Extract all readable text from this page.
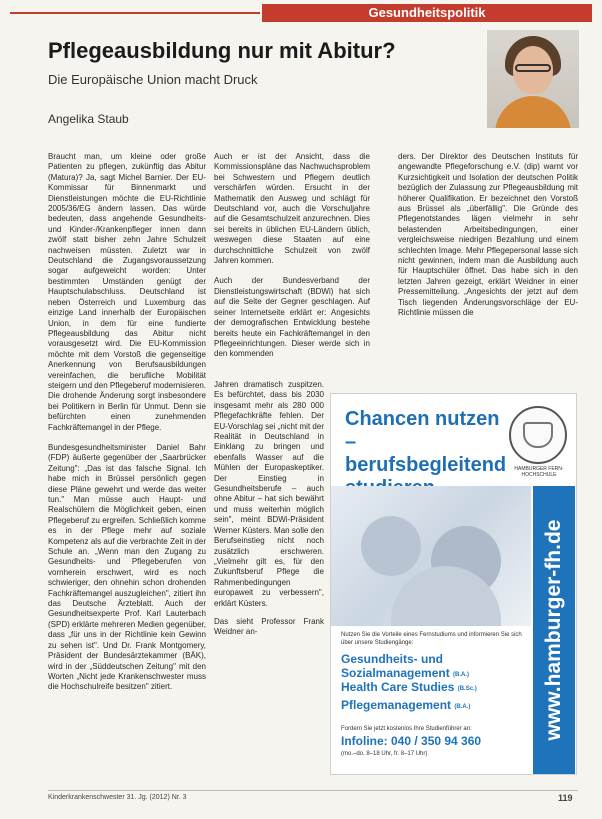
Gesundheitspolitik
Pflegeausbildung nur mit Abitur?
Die Europäische Union macht Druck
Angelika Staub

Braucht man, um kleine oder große Patienten zu pflegen, zukünftig das Abitur (Matura)? Ja, sagt Michel Barnier. Der EU-Kommissar für Binnenmarkt und Dienstleistungen möchte die EU-Richtlinie 2005/36/EG ändern lassen. Das würde bedeuten, dass angehende Gesundheits- und Kinder-/Krankenpfleger innen dann zwölf statt bisher zehn Jahre Schulzeit nachweisen müssten. Zuletzt war in Deutschland die Zugangsvoraussetzung sogar aufgeweicht worden: Unter bestimmten Umständen genügt der Hauptschulabschluss. Deutschland ist neben Österreich und Luxemburg das einzige Land innerhalb der Europäischen Union, in dem für eine fundierte Pflegeausbildung das Abitur nicht vorausgesetzt wird. Die EU-Kommission möchte mit dem Vorstoß die gegenseitige Anerkennung von Berufsausbildungen vereinfachen, die berufliche Mobilität steigern und den Pflegeberuf modernisieren. Die drohende Änderung sorgt insbesondere bei Politikern in Berlin für Unmut. Denn sie befürchten einen zunehmenden Fachkräftemangel in der Pflege.

Bundesgesundheitsminister Daniel Bahr (FDP) äußerte gegenüber der „Saarbrücker Zeitung": „Das ist das falsche Signal. Ich habe mich in Brüssel persönlich gegen diese Pläne gewehrt und werde das weiter tun." Man müsse auch Haupt- und Realschülern die Möglichkeit geben, einen Pflegeberuf zu ergreifen. Schließlich komme es in der Pflege mehr auf soziale Kompetenz als auf die verbrachte Zeit in der Schule an. „Wenn man den Zugang zu Gesundheits- und Pflegeberufen von vornherein erschwert, wird es noch schwieriger, den ohnehin schon drohenden Fachkräftemangel auszugleichen", zitiert ihn das Deutsche Ärzteblatt. Auch der Gesundheitsexperte Prof. Karl Lauterbach (SPD) erklärte mehreren Medien gegenüber, dass „für uns in der Richtlinie kein Gewinn zu sehen ist". Und Dr. Frank Montgomery, Präsident der Bundesärztekammer (BÄK), wird in der „Süddeutschen Zeitung" mit den Worten „Nicht jede Krankenschwester muss die Hochschulreife besitzen" zitiert.

Auch er ist der Ansicht, dass die Kommissionspläne das Nachwuchsproblem bei Schwestern und Pflegern deutlich verschärfen würden. Ersucht in der Mathematik den Ausweg und schlägt für Deutschland vor, auch die Vorschuljahre auf die Gesamtschulzeit anzurechnen. Dies sei bereits in üblichen EU-Ländern üblich, weswegen diese Staaten auf eine durchschnittliche Schulzeit von zwölf Jahren kommen.

Auch der Bundesverband der Dienstleistungswirtschaft (BDWi) hat sich auf die Seite der Gegner geschlagen. Auf seiner Internetseite erklärt er: Angesichts der demografischen Entwicklung bestehe bereits heute ein Fachkräftemangel in den Pflegeeinrichtungen. Dieser werde sich in den kommenden

Jahren dramatisch zuspitzen. Es befürchtet, dass bis 2030 insgesamt mehr als 280 000 Pflegefachkräfte fehlen. Der EU-Vorschlag sei „nicht mit der Realität in Deutschland in Einklang zu bringen und ebenfalls Wasser auf die Mühlen der Europaskeptiker. Der Einstieg in Gesundheitsberufe – auch ohne Abitur – hat sich bewährt und muss weiterhin möglich sein", meint BDWi-Präsident Werner Küsters. Man solle den Berufseinstieg nicht noch zusätzlich erschweren. „Vielmehr gilt es, für den Zukunftsberuf Pflege die Rahmenbedingungen europaweit zu verbessern", erklärt Küsters.

Das sieht Professor Frank Weidner an-

ders. Der Direktor des Deutschen Instituts für angewandte Pflegeforschung e.V. (dip) warnt vor Kurzsichtigkeit und Isolation der deutschen Politik bezüglich der Zulassung zur Pflegeausbildung mit höherer Qualifikation. Er bezeichnet den Vorstoß aus Brüssel als „überfällig". Die Gründe des Pflegenotstandes lägen vielmehr in sehr belastenden Arbeitsbedingungen, einer vergleichsweise niedrigen Bezahlung und einem schlechten Image. Mehr Pflegepersonal lasse sich nicht gewinnen, indem man die Ausbildung auch für Hauptschüler öffnet. Das habe sich in den letzten Jahren gezeigt, erklärt Weidner in einer Pressemitteilung. „Angesichts der jetzt auf dem Tisch liegenden Änderungsvorschläge der EU-Richtlinie müssen die

Chancen nutzen – berufsbegleitend	HAMBURGER FERN-HOCHSCHULE
www.hamburger-fh.de
Nutzen Sie die Vorteile eines Fernstudiums und informieren Sie sich über unsere Studiengänge:
Gesundheits- und Sozialmanagement $^{(B.A.)}$
Health Care Studies $^{(B.Sc.)}$
Pflegemanagement $^{(B.A.)}$
Fordern Sie jetzt kostenlos Ihre Studienführer an:
Infoline: 040 / 350 94 360
(mo.–do. 8–18 Uhr, fr. 8–17 Uhr)
Kinderkrankenschwester 31. Jg. (2012) Nr. 3	119
